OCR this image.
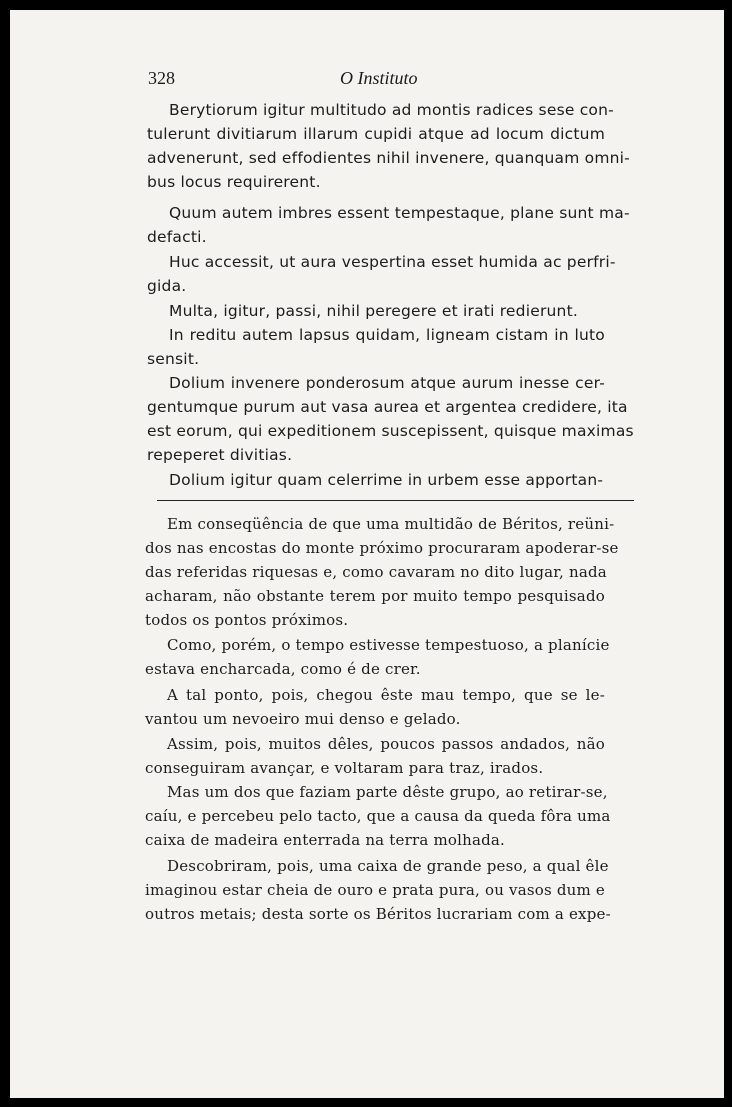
328	O Instituto

Berytiorum igitur multitudo ad montis radices sese con-
tulerunt divitiarum illarum cupidi atque ad locum dictum
advenerunt, sed effodientes nihil invenere, quanquam omni-
bus locus requirerent.

Quum autem imbres essent tempestaque, plane sunt ma-
defacti.

Huc accessit, ut aura vespertina esset humida ac perfri-
gida.

Multa, igitur, passi, nihil peregere et irati redierunt.

In reditu autem lapsus quidam, ligneam cistam in luto
sensit.

Dolium invenere ponderosum atque aurum inesse cer-
gentumque purum aut vasa aurea et argentea credidere, ita
est eorum, qui expeditionem suscepissent, quisque maximas
repeperet divitias.

Dolium igitur quam celerrime in urbem esse apportan-

Em conseqüência de que uma multidão de Béritos, reüni-
dos nas encostas do monte próximo procuraram apoderar-se
das referidas riquesas e, como cavaram no dito lugar, nada
acharam, não obstante terem por muito tempo pesquisado
todos os pontos próximos.

Como, porém, o tempo estivesse tempestuoso, a planície
estava encharcada, como é de crer.

A tal ponto, pois, chegou êste mau tempo, que se le-
vantou um nevoeiro mui denso e gelado.

Assim, pois, muitos dêles, poucos passos andados, não
conseguiram avançar, e voltaram para traz, irados.

Mas um dos que faziam parte dêste grupo, ao retirar-se,
caíu, e percebeu pelo tacto, que a causa da queda fôra uma
caixa de madeira enterrada na terra molhada.

Descobriram, pois, uma caixa de grande peso, a qual êle
imaginou estar cheia de ouro e prata pura, ou vasos dum e
outros metais; desta sorte os Béritos lucrariam com a expe-
